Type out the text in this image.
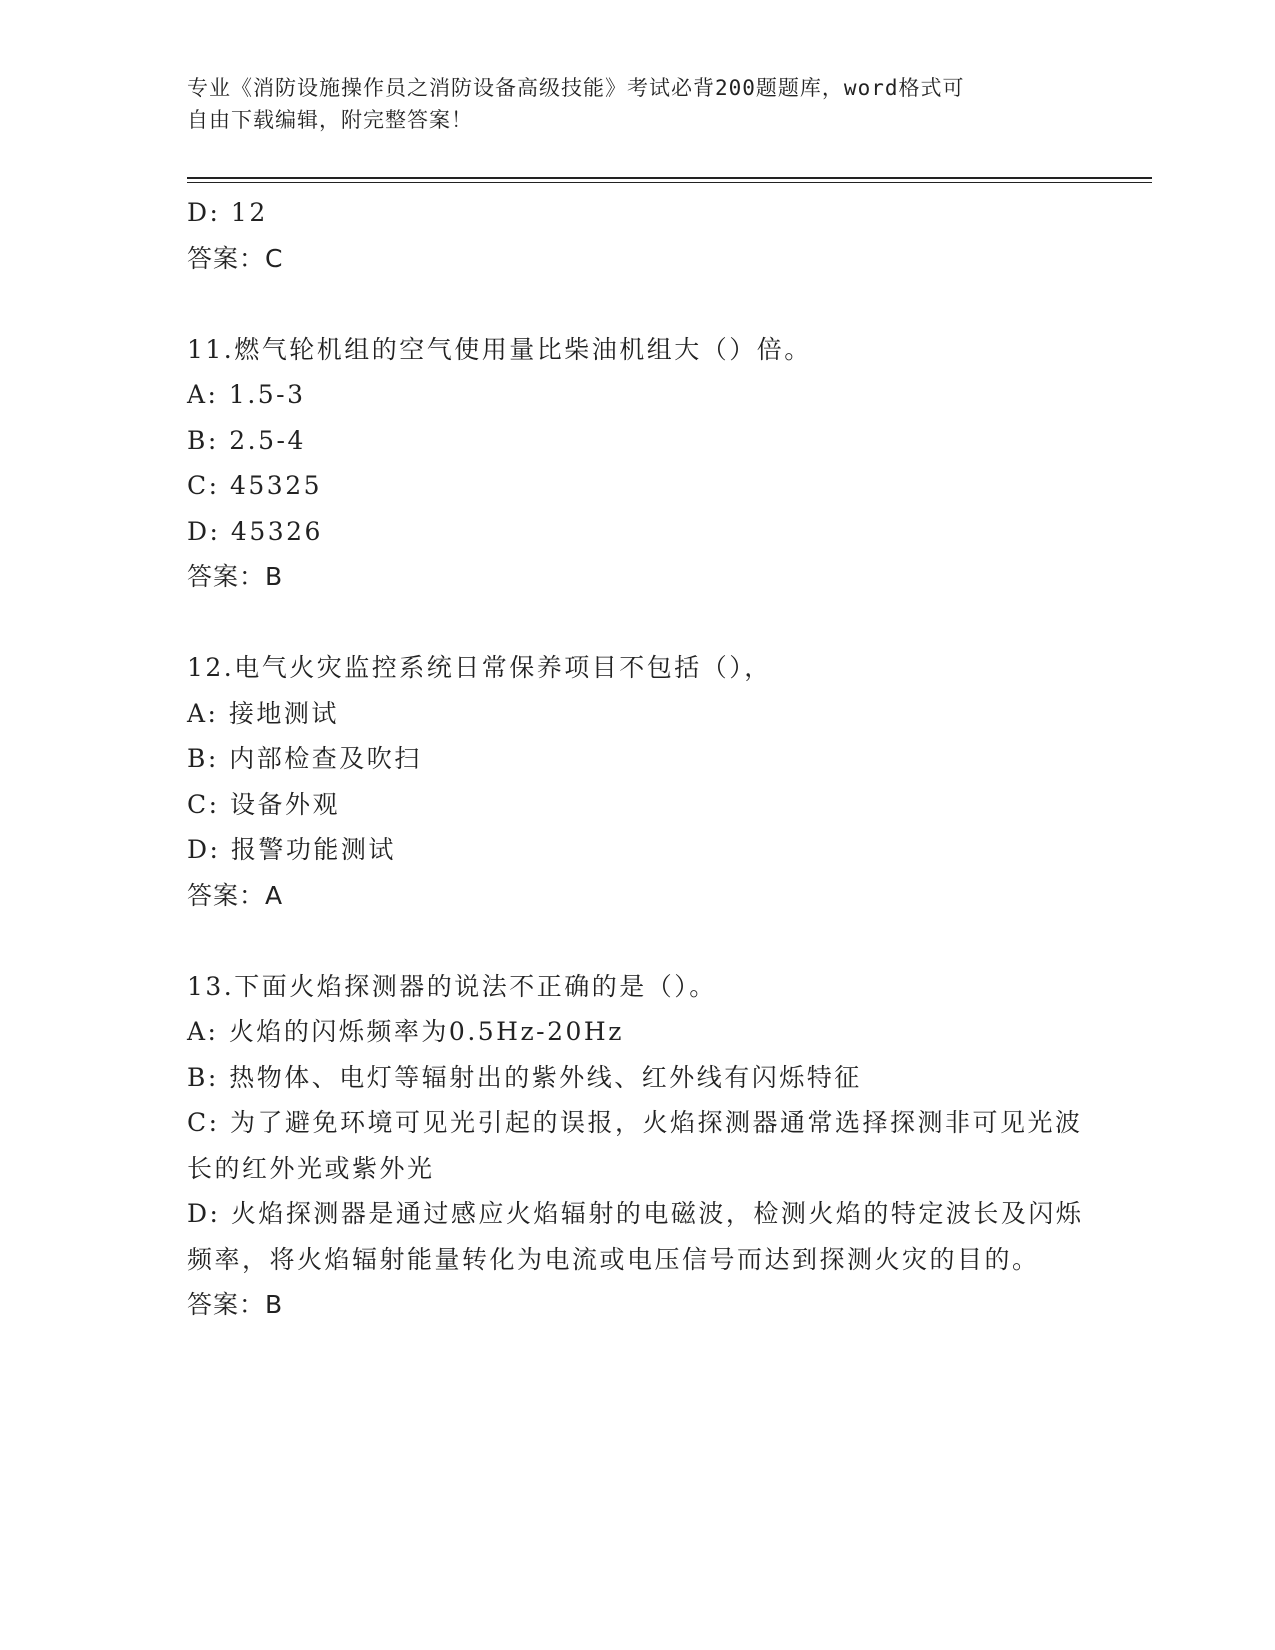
专业《消防设施操作员之消防设备高级技能》考试必背200题题库，word格式可
自由下载编辑，附完整答案！
D: 12
答案：C
11.燃气轮机组的空气使用量比柴油机组大（）倍。
A: 1.5-3
B: 2.5-4
C: 45325
D: 45326
答案：B
12.电气火灾监控系统日常保养项目不包括（），
A: 接地测试
B: 内部检查及吹扫
C: 设备外观
D: 报警功能测试
答案：A
13.下面火焰探测器的说法不正确的是（）。
A: 火焰的闪烁频率为0.5Hz-20Hz
B: 热物体、电灯等辐射出的紫外线、红外线有闪烁特征
C: 为了避免环境可见光引起的误报，火焰探测器通常选择探测非可见光波长的红外光或紫外光
D: 火焰探测器是通过感应火焰辐射的电磁波，检测火焰的特定波长及闪烁频率，将火焰辐射能量转化为电流或电压信号而达到探测火灾的目的。
答案：B
